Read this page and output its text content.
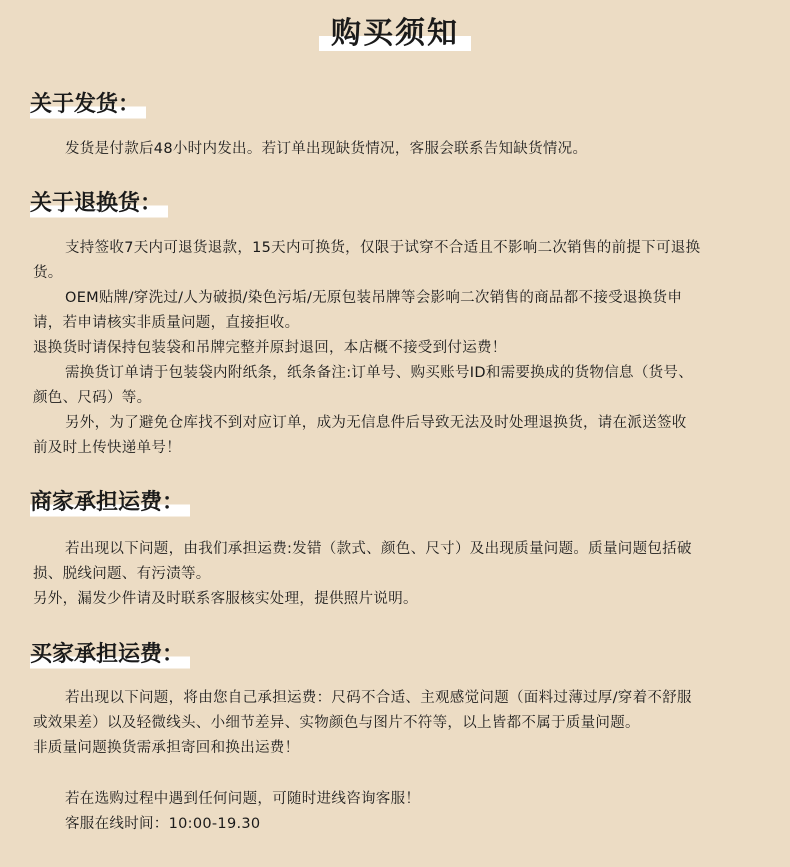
购买须知
关于发货：
发货是付款后48小时内发出。若订单出现缺货情况，客服会联系告知缺货情况。
关于退换货：
支持签收7天内可退货退款，15天内可换货，仅限于试穿不合适且不影响二次销售的前提下可退换
货。
OEM贴牌/穿洗过/人为破损/染色污垢/无原包装吊牌等会影响二次销售的商品都不接受退换货申
请，若申请核实非质量问题，直接拒收。
退换货时请保持包装袋和吊牌完整并原封退回，本店概不接受到付运费！
需换货订单请于包装袋内附纸条，纸条备注:订单号、购买账号ID和需要换成的货物信息（货号、
颜色、尺码）等。
另外，为了避免仓库找不到对应订单，成为无信息件后导致无法及时处理退换货，请在派送签收
前及时上传快递单号！
商家承担运费：
若出现以下问题，由我们承担运费:发错（款式、颜色、尺寸）及出现质量问题。质量问题包括破
损、脱线问题、有污渍等。
另外，漏发少件请及时联系客服核实处理，提供照片说明。
买家承担运费：
若出现以下问题，将由您自己承担运费：尺码不合适、主观感觉问题（面料过薄过厚/穿着不舒服
或效果差）以及轻微线头、小细节差异、实物颜色与图片不符等，以上皆都不属于质量问题。
非质量问题换货需承担寄回和换出运费！
若在选购过程中遇到任何问题，可随时进线咨询客服！
客服在线时间：10:00-19.30
